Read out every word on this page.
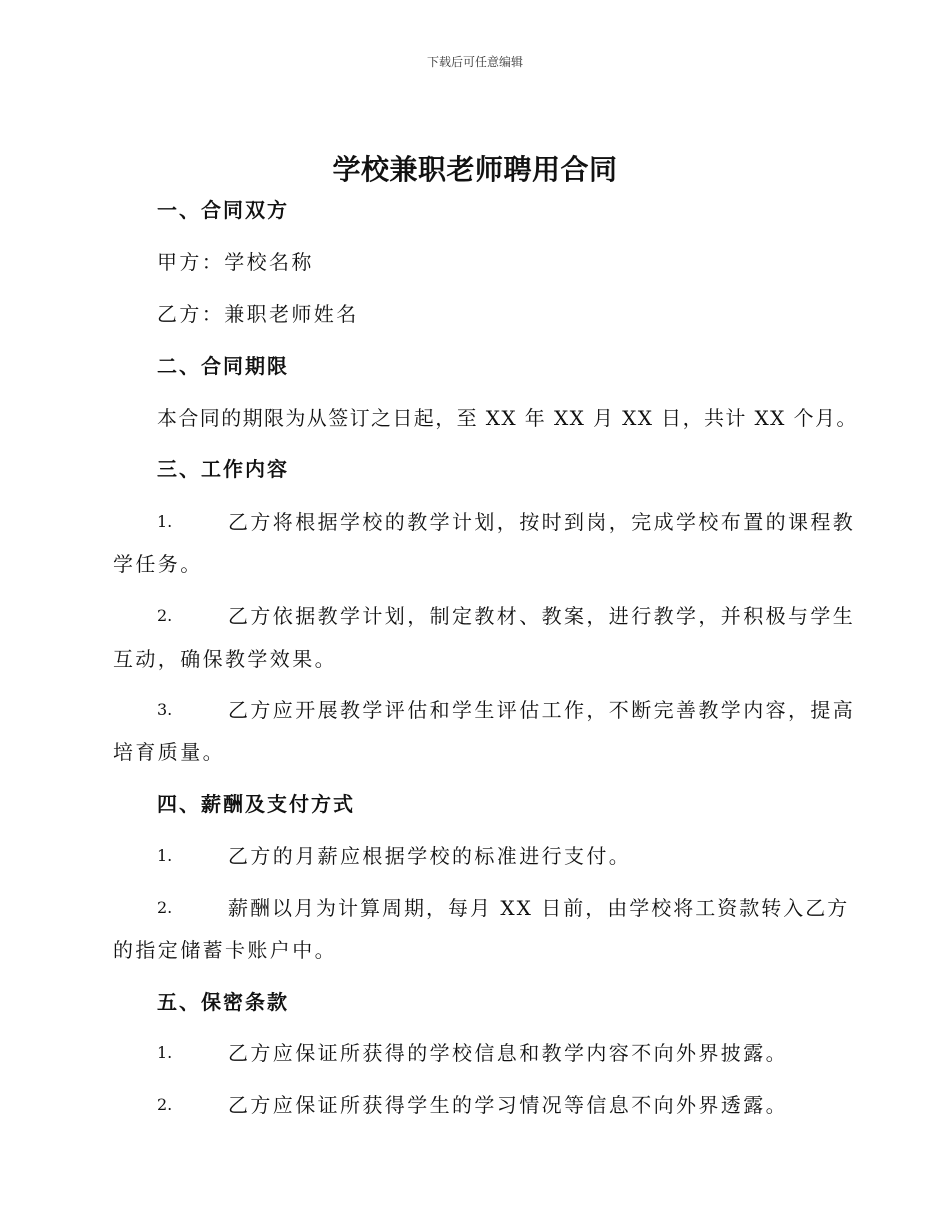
下载后可任意编辑
学校兼职老师聘用合同
一、合同双方
甲方：学校名称
乙方：兼职老师姓名
二、合同期限
本合同的期限为从签订之日起，至 XX 年 XX 月 XX 日，共计 XX 个月。
三、工作内容
1.	乙方将根据学校的教学计划，按时到岗，完成学校布置的课程教
学任务。
2.	乙方依据教学计划，制定教材、教案，进行教学，并积极与学生
互动，确保教学效果。
3.	乙方应开展教学评估和学生评估工作，不断完善教学内容，提高
培育质量。
四、薪酬及支付方式
1.	乙方的月薪应根据学校的标准进行支付。
2.	薪酬以月为计算周期，每月 XX 日前，由学校将工资款转入乙方
的指定储蓄卡账户中。
五、保密条款
1.	乙方应保证所获得的学校信息和教学内容不向外界披露。
2.	乙方应保证所获得学生的学习情况等信息不向外界透露。
